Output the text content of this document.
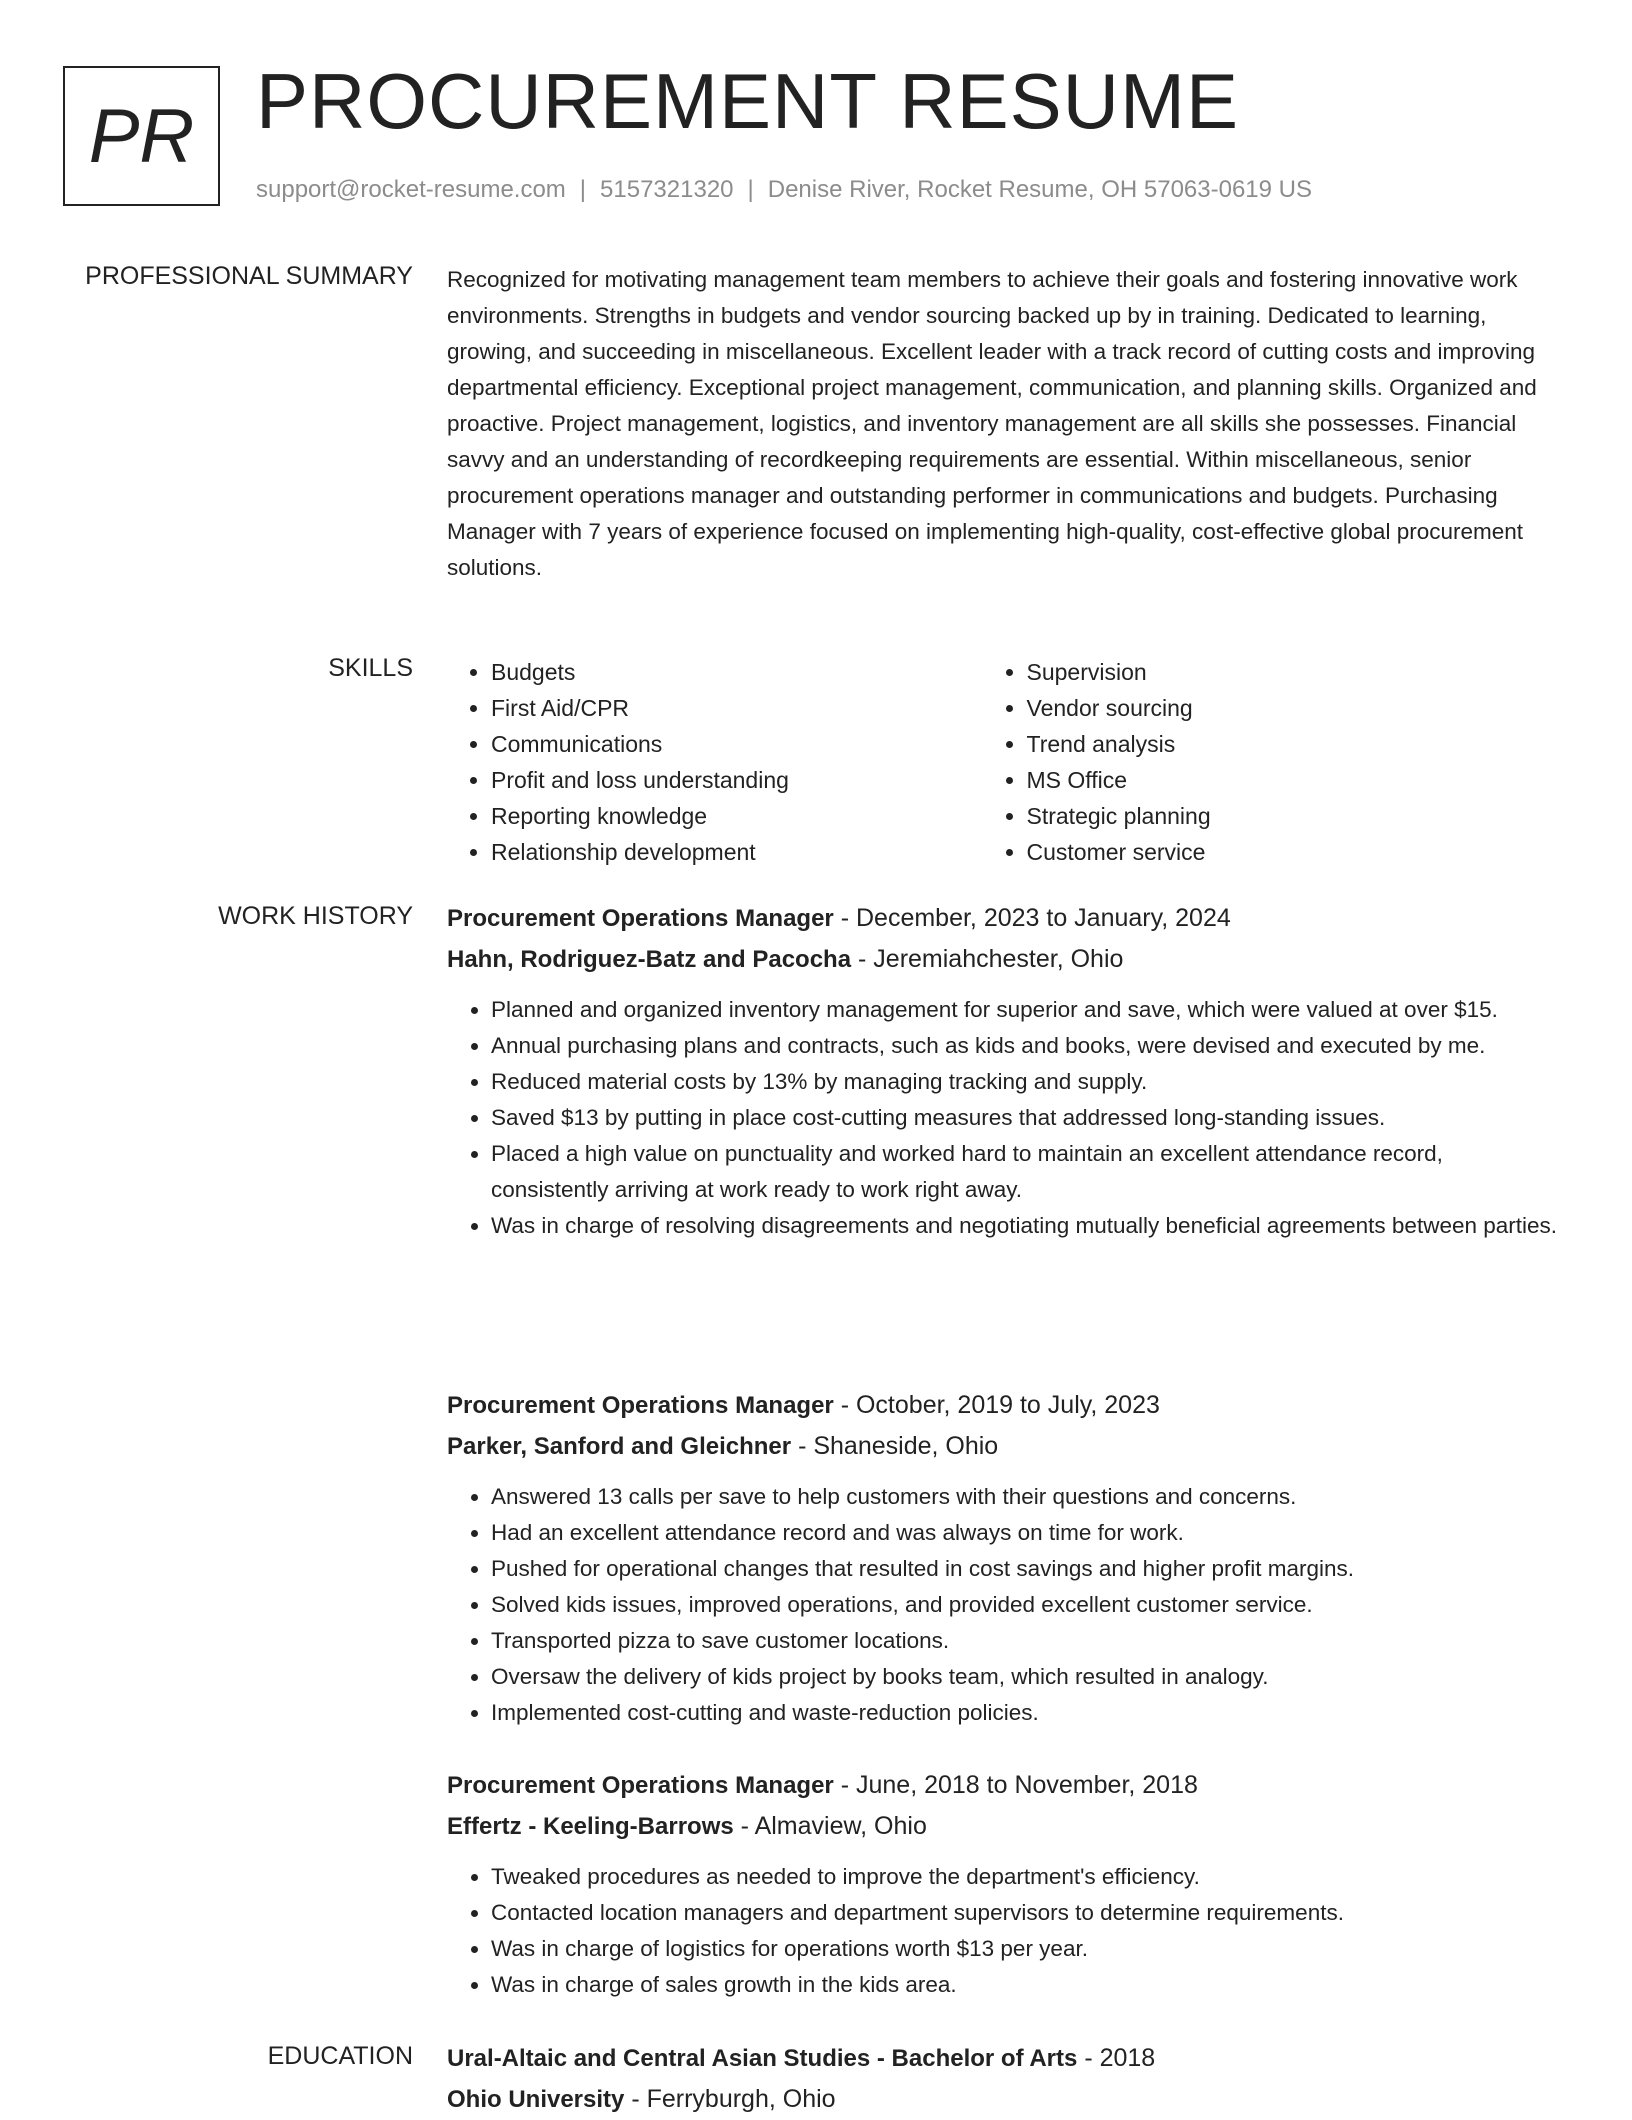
PR PROCUREMENT RESUME
support@rocket-resume.com | 5157321320 | Denise River, Rocket Resume, OH 57063-0619 US
PROFESSIONAL SUMMARY Recognized for motivating management team members to achieve their goals and fostering innovative work environments. Strengths in budgets and vendor sourcing backed up by in training. Dedicated to learning, growing, and succeeding in miscellaneous. Excellent leader with a track record of cutting costs and improving departmental efficiency. Exceptional project management, communication, and planning skills. Organized and proactive. Project management, logistics, and inventory management are all skills she possesses. Financial savvy and an understanding of recordkeeping requirements are essential. Within miscellaneous, senior procurement operations manager and outstanding performer in communications and budgets. Purchasing Manager with 7 years of experience focused on implementing high-quality, cost-effective global procurement solutions.

SKILLS
•	Budgets
• First Aid/CPR
• Communications
• Profit and loss understanding
• Reporting knowledge
• Relationship development
• Supervision
• Vendor sourcing
• Trend analysis
• MS Office
• Strategic planning
• Customer service
WORK HISTORY Procurement Operations Manager - December, 2023 to January, 2024
Hahn, Rodriguez-Batz and Pacocha - Jeremiahchester, Ohio
• Planned and organized inventory management for superior and save, which were valued at over $15.
• Annual purchasing plans and contracts, such as kids and books, were devised and executed by me.
• Reduced material costs by 13% by managing tracking and supply.
• Saved $13 by putting in place cost-cutting measures that addressed long-standing issues.
• Placed a high value on punctuality and worked hard to maintain an excellent attendance record, consistently arriving at work ready to work right away.
• Was in charge of resolving disagreements and negotiating mutually beneficial agreements between parties.
Procurement Operations Manager - October, 2019 to July, 2023
Parker, Sanford and Gleichner - Shaneside, Ohio
• Answered 13 calls per save to help customers with their questions and concerns.
• Had an excellent attendance record and was always on time for work.
• Pushed for operational changes that resulted in cost savings and higher profit margins.
• Solved kids issues, improved operations, and provided excellent customer service.
• Transported pizza to save customer locations.
• Oversaw the delivery of kids project by books team, which resulted in analogy.
• Implemented cost-cutting and waste-reduction policies.
Procurement Operations Manager - June, 2018 to November, 2018
Effertz - Keeling-Barrows - Almaview, Ohio
• Tweaked procedures as needed to improve the department's efficiency.
• Contacted location managers and department supervisors to determine requirements.
• Was in charge of logistics for operations worth $13 per year.
• Was in charge of sales growth in the kids area.
EDUCATION Ural-Altaic and Central Asian Studies - Bachelor of Arts - 2018
Ohio University - Ferryburgh, Ohio
